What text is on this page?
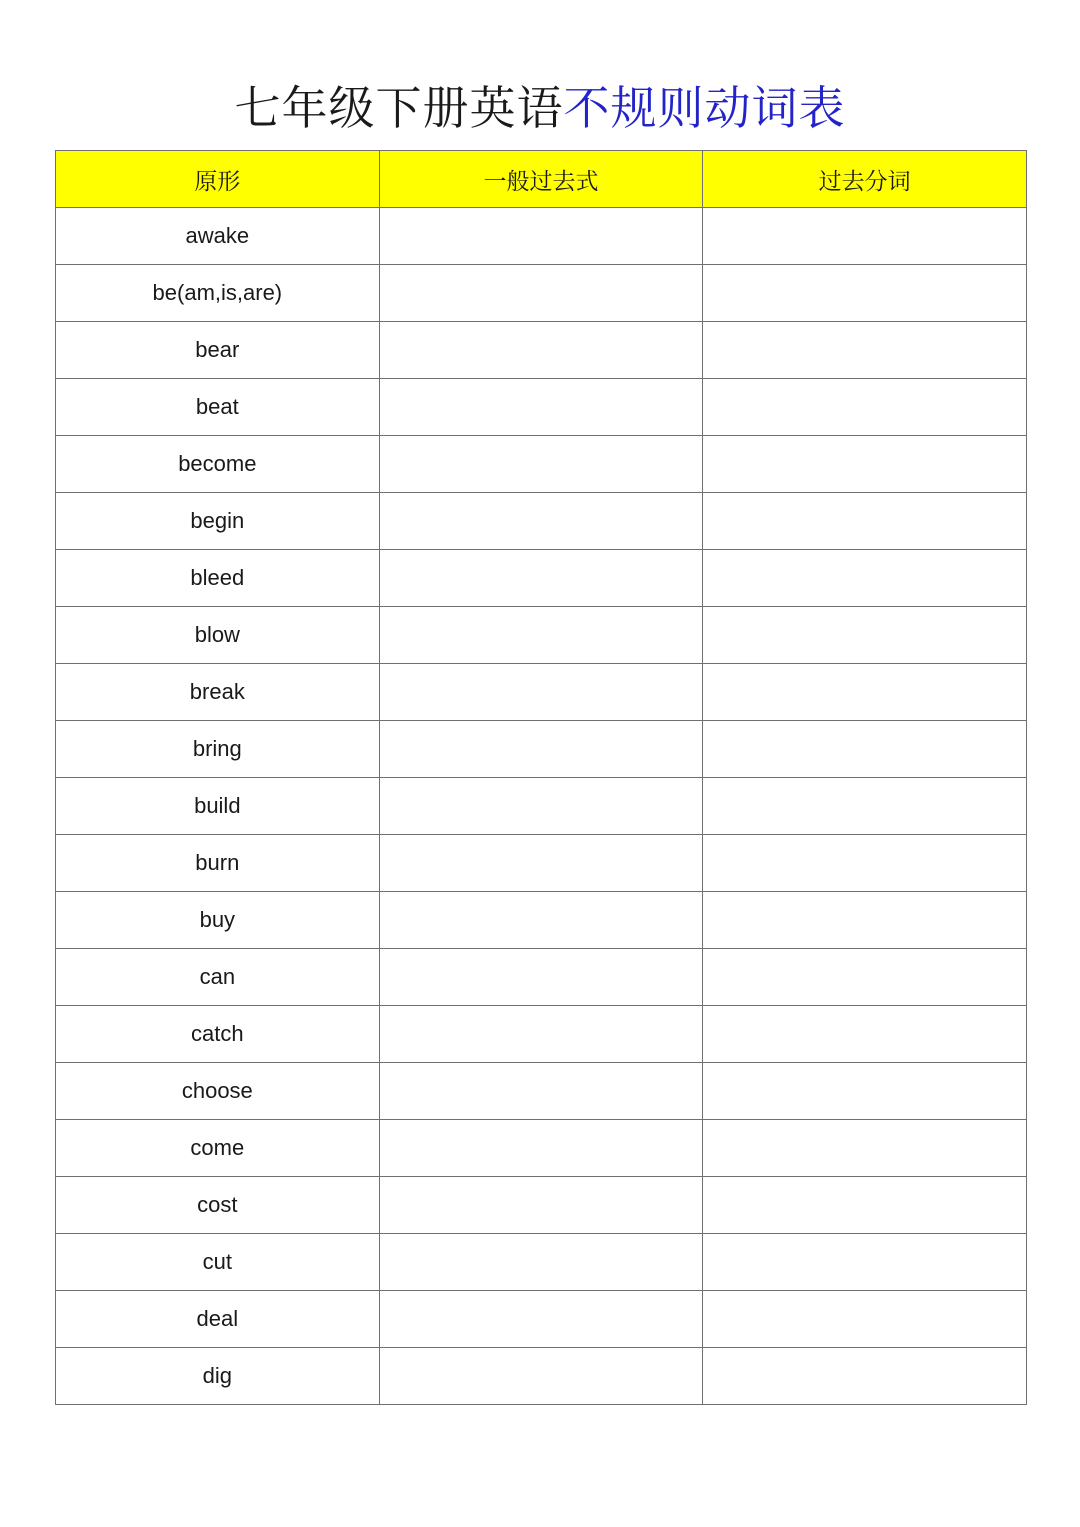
七年级下册英语不规则动词表
原形	一般过去式	过去分词
awake		
be(am,is,are)		
bear		
beat		
become		
begin		
bleed		
blow		
break		
bring		
build		
burn		
buy		
can		
catch		
choose		
come		
cost		
cut		
deal		
dig		
